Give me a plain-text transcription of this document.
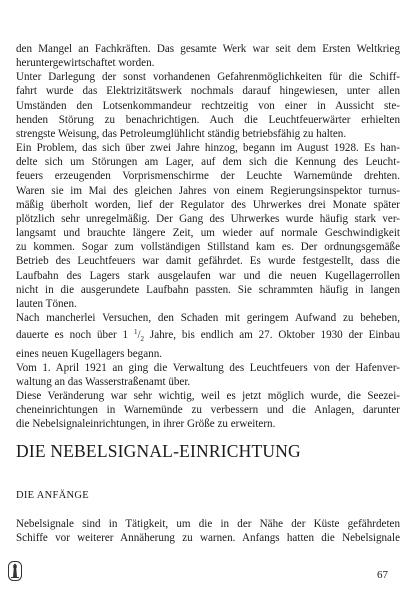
den Mangel an Fachkräften. Das gesamte Werk war seit dem Ersten Weltkrieg
heruntergewirtschaftet worden.

Unter Darlegung der sonst vorhandenen Gefahrenmöglichkeiten für die Schiff-
fahrt wurde das Elektrizitätswerk nochmals darauf hingewiesen, unter allen
Umständen den Lotsenkommandeur rechtzeitig von einer in Aussicht ste-
henden Störung zu benachrichtigen. Auch die Leuchtfeuerwärter erhielten
strengste Weisung, das Petroleumglühlicht ständig betriebsfähig zu halten.

Ein Problem, das sich über zwei Jahre hinzog, begann im August 1928. Es han-
delte sich um Störungen am Lager, auf dem sich die Kennung des Leucht-
feuers erzeugenden Vorprismenschirme der Leuchte Warnemünde drehten.
Waren sie im Mai des gleichen Jahres von einem Regierungsinspektor turnus-
mäßig überholt worden, lief der Regulator des Uhrwerkes drei Monate später
plötzlich sehr unregelmäßig. Der Gang des Uhrwerkes wurde häufig stark ver-
langsamt und brauchte längere Zeit, um wieder auf normale Geschwindigkeit
zu kommen. Sogar zum vollständigen Stillstand kam es. Der ordnungsgemäße
Betrieb des Leuchtfeuers war damit gefährdet. Es wurde festgestellt, dass die
Laufbahn des Lagers stark ausgelaufen war und die neuen Kugellagerrollen
nicht in die ausgerundete Laufbahn passten. Sie schrammten häufig in langen
lauten Tönen.

Nach mancherlei Versuchen, den Schaden mit geringem Aufwand zu beheben,
dauerte es noch über 1 $^1/_2$ Jahre, bis endlich am 27. Oktober 1930 der Einbau
eines neuen Kugellagers begann.

Vom 1. April 1921 an ging die Verwaltung des Leuchtfeuers von der Hafenver-
waltung an das Wasserstraßenamt über.

Diese Veränderung war sehr wichtig, weil es jetzt möglich wurde, die Seezei-
cheneinrichtungen in Warnemünde zu verbessern und die Anlagen, darunter
die Nebelsignaleinrichtungen, in ihrer Größe zu erweitern.

DIE NEBELSIGNAL-EINRICHTUNG
DIE ANFÄNGE
Nebelsignale sind in Tätigkeit, um die in der Nähe der Küste gefährdeten
Schiffe vor weiterer Annäherung zu warnen. Anfangs hatten die Nebelsignale
67
